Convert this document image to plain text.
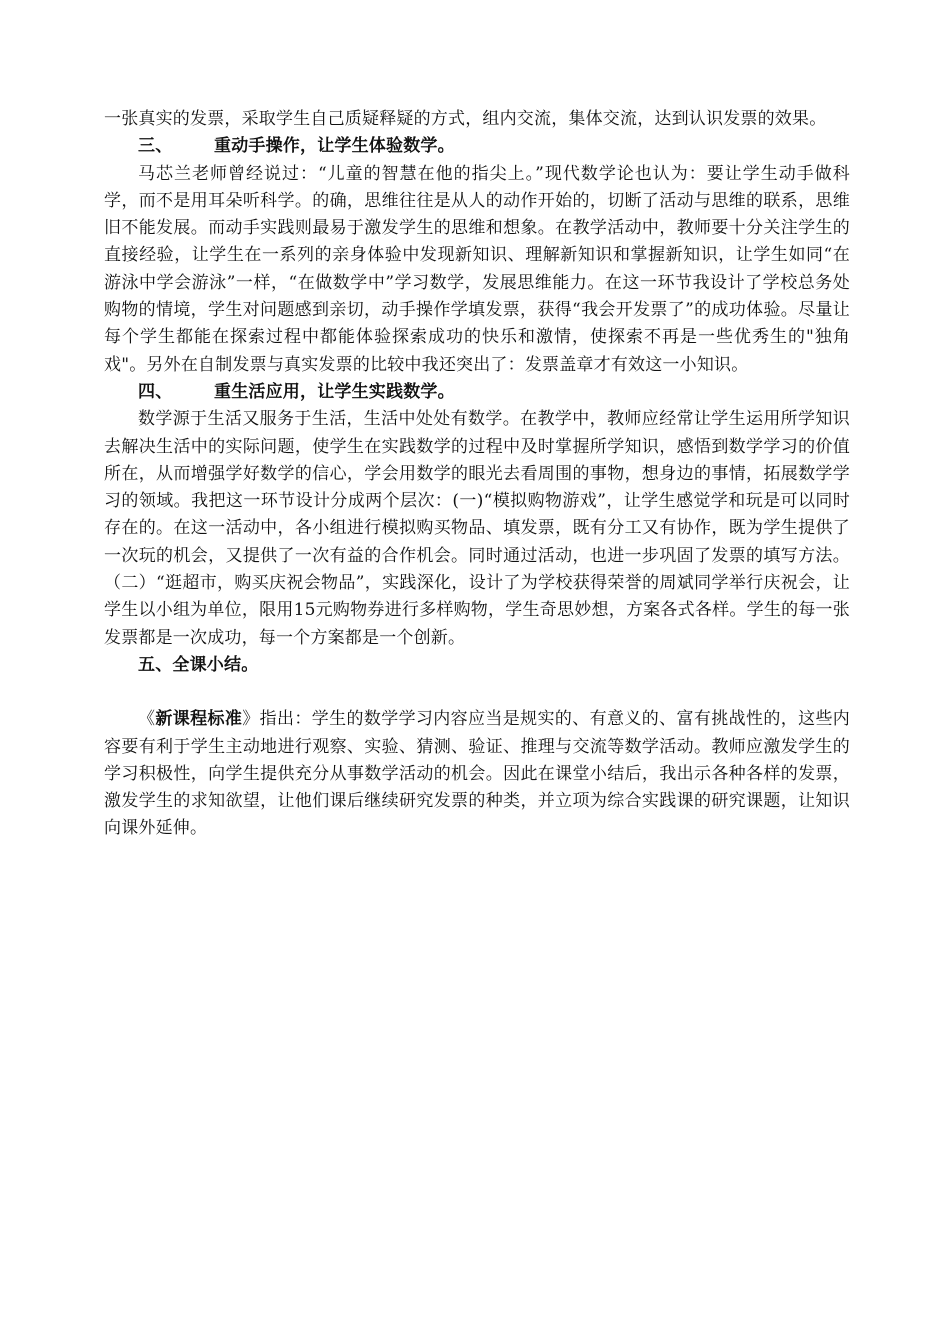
一张真实的发票，采取学生自己质疑释疑的方式，组内交流，集体交流，达到认识发票的效果。

三、 重动手操作，让学生体验数学。

马芯兰老师曾经说过：“儿童的智慧在他的指尖上。”现代数学论也认为：要让学生动手做科学，而不是用耳朵听科学。的确，思维往往是从人的动作开始的，切断了活动与思维的联系，思维旧不能发展。而动手实践则最易于激发学生的思维和想象。在教学活动中，教师要十分关注学生的直接经验，让学生在一系列的亲身体验中发现新知识、理解新知识和掌握新知识，让学生如同“在游泳中学会游泳”一样，“在做数学中”学习数学，发展思维能力。在这一环节我设计了学校总务处购物的情境，学生对问题感到亲切，动手操作学填发票，获得“我会开发票了”的成功体验。尽量让每个学生都能在探索过程中都能体验探索成功的快乐和激情，使探索不再是一些优秀生的"独角戏"。另外在自制发票与真实发票的比较中我还突出了：发票盖章才有效这一小知识。

四、 重生活应用，让学生实践数学。

数学源于生活又服务于生活，生活中处处有数学。在教学中，教师应经常让学生运用所学知识去解决生活中的实际问题，使学生在实践数学的过程中及时掌握所学知识，感悟到数学学习的价值所在，从而增强学好数学的信心，学会用数学的眼光去看周围的事物，想身边的事情，拓展数学学习的领域。我把这一环节设计分成两个层次：(一)“模拟购物游戏”，让学生感觉学和玩是可以同时存在的。在这一活动中，各小组进行模拟购买物品、填发票，既有分工又有协作，既为学生提供了一次玩的机会，又提供了一次有益的合作机会。同时通过活动，也进一步巩固了发票的填写方法。（二）“逛超市，购买庆祝会物品”，实践深化，设计了为学校获得荣誉的周斌同学举行庆祝会，让学生以小组为单位，限用15元购物券进行多样购物，学生奇思妙想，方案各式各样。学生的每一张发票都是一次成功，每一个方案都是一个创新。

五、全课小结。

《新课程标准》指出：学生的数学学习内容应当是规实的、有意义的、富有挑战性的，这些内容要有利于学生主动地进行观察、实验、猜测、验证、推理与交流等数学活动。教师应激发学生的学习积极性，向学生提供充分从事数学活动的机会。因此在课堂小结后，我出示各种各样的发票，激发学生的求知欲望，让他们课后继续研究发票的种类，并立项为综合实践课的研究课题，让知识向课外延伸。
